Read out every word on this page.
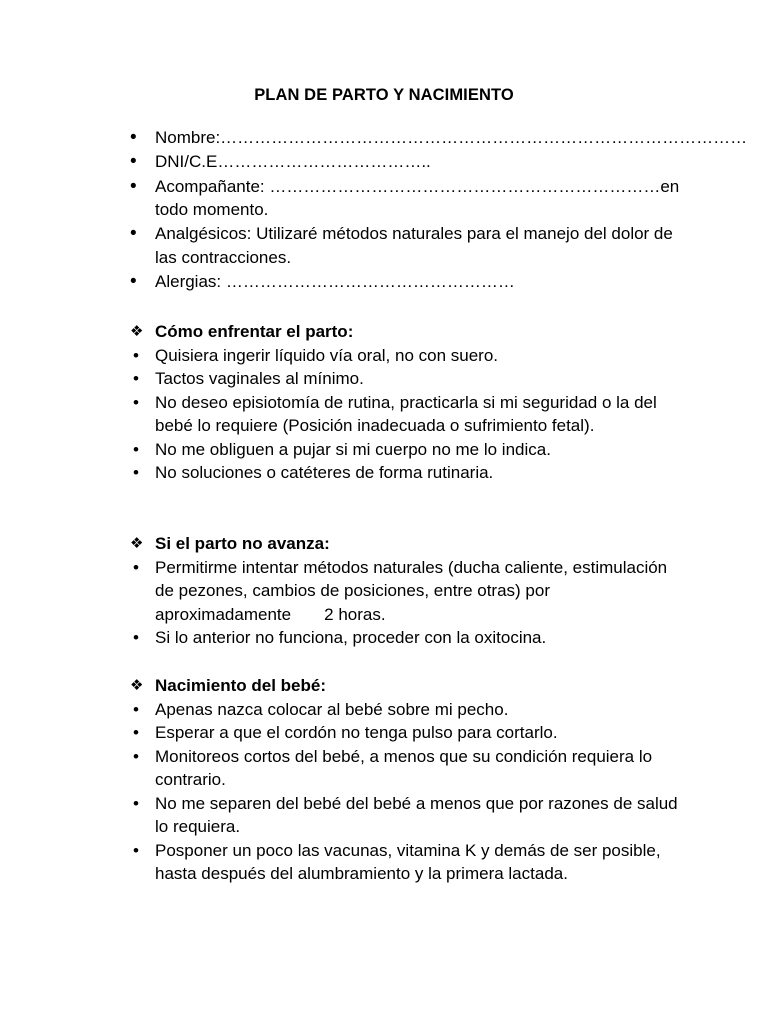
PLAN DE PARTO Y NACIMIENTO
•	Nombre:…………………………………………………………………………………
•	DNI/C.E………………………………..
•	Acompañante: ……………………………………………………………en todo momento.
•	Analgésicos: Utilizaré métodos naturales para el manejo del dolor de las contracciones.
•	Alergias: ……………………………………………
❖ Cómo enfrentar el parto:
• Quisiera ingerir líquido vía oral, no con suero.
• Tactos vaginales al mínimo.
• No deseo episiotomía de rutina, practicarla si mi seguridad o la del bebé lo requiere (Posición inadecuada o sufrimiento fetal).
• No me obliguen a pujar si mi cuerpo no me lo indica.
• No soluciones o catéteres de forma rutinaria.
❖ Si el parto no avanza:
• Permitirme intentar métodos naturales (ducha caliente, estimulación de pezones, cambios de posiciones, entre otras) por aproximadamente       2 horas.
• Si lo anterior no funciona, proceder con la oxitocina.
❖ Nacimiento del bebé:
• Apenas nazca colocar al bebé sobre mi pecho.
• Esperar a que el cordón no tenga pulso para cortarlo.
• Monitoreos cortos del bebé, a menos que su condición requiera lo contrario.
• No me separen del bebé del bebé a menos que por razones de salud lo requiera.
• Posponer un poco las vacunas, vitamina K y demás de ser posible, hasta después del alumbramiento y la primera lactada.
